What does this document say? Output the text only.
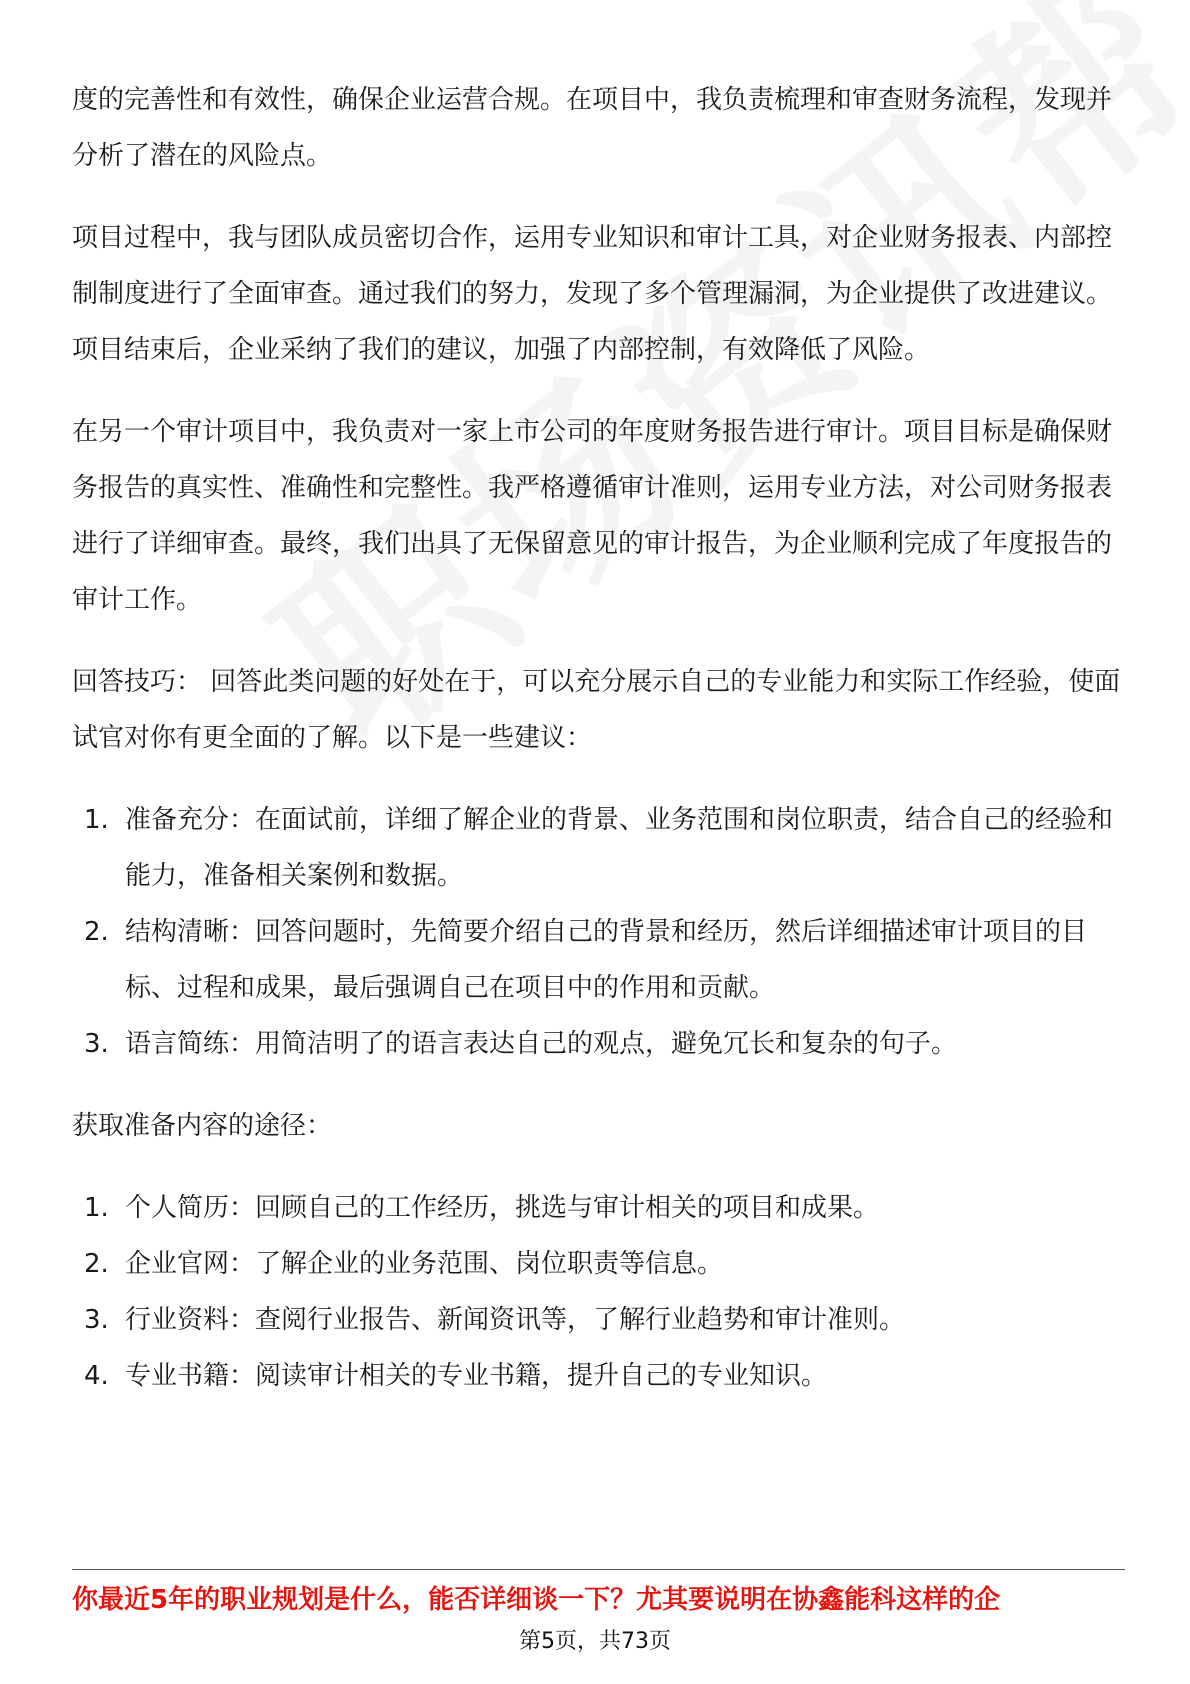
度的完善性和有效性，确保企业运营合规。在项目中，我负责梳理和审查财务流程，发现并分析了潜在的风险点。

项目过程中，我与团队成员密切合作，运用专业知识和审计工具，对企业财务报表、内部控制制度进行了全面审查。通过我们的努力，发现了多个管理漏洞，为企业提供了改进建议。项目结束后，企业采纳了我们的建议，加强了内部控制，有效降低了风险。

在另一个审计项目中，我负责对一家上市公司的年度财务报告进行审计。项目目标是确保财务报告的真实性、准确性和完整性。我严格遵循审计准则，运用专业方法，对公司财务报表进行了详细审查。最终，我们出具了无保留意见的审计报告，为企业顺利完成了年度报告的审计工作。

回答技巧： 回答此类问题的好处在于，可以充分展示自己的专业能力和实际工作经验，使面试官对你有更全面的了解。以下是一些建议：

1. 准备充分：在面试前，详细了解企业的背景、业务范围和岗位职责，结合自己的经验和能力，准备相关案例和数据。
2. 结构清晰：回答问题时，先简要介绍自己的背景和经历，然后详细描述审计项目的目标、过程和成果，最后强调自己在项目中的作用和贡献。
3. 语言简练：用简洁明了的语言表达自己的观点，避免冗长和复杂的句子。

获取准备内容的途径：

1. 个人简历：回顾自己的工作经历，挑选与审计相关的项目和成果。
2. 企业官网：了解企业的业务范围、岗位职责等信息。
3. 行业资料：查阅行业报告、新闻资讯等，了解行业趋势和审计准则。
4. 专业书籍：阅读审计相关的专业书籍，提升自己的专业知识。
你最近5年的职业规划是什么，能否详细谈一下？尤其要说明在协鑫能科这样的企
第5页，共73页
